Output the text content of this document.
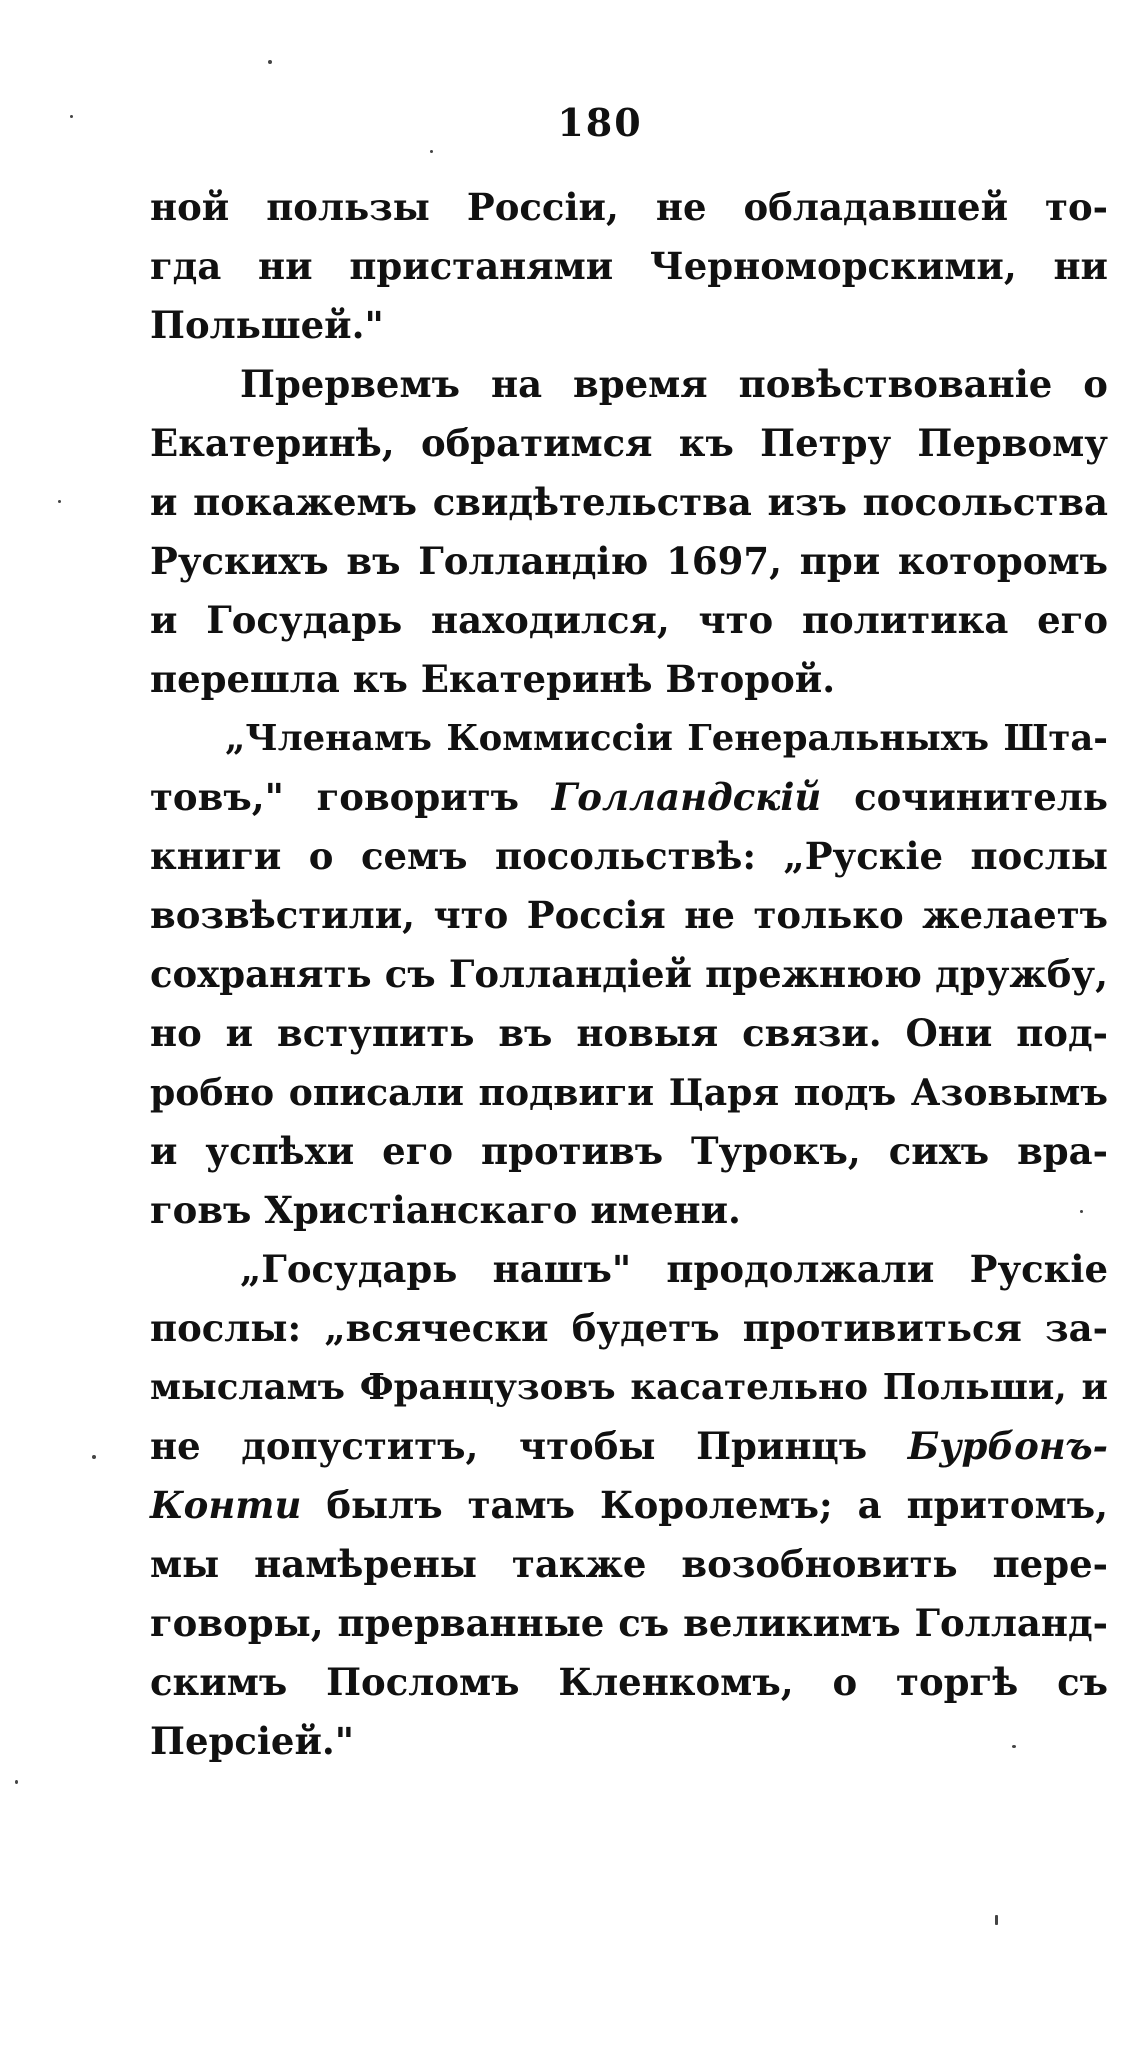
180
ной пользы Россіи, не обладавшей тo-
гда ни пристанями Черноморскими, ни
Польшей."
Прервемъ на время повѣствованіе о
Екатеринѣ, обратимся къ Петру Первому
и покажемъ свидѣтельства изъ посольства
Рускихъ въ Голландію 1697, при которомъ
и Государь находился, что политика его
перешла къ Екатеринѣ Второй.
„Членамъ Коммиссіи Генеральныхъ Шта-
товъ," говоритъ Голландскій сочинитель
книги о семъ посольствѣ: „Рускіе послы
возвѣстили, что Россія не только желаетъ
сохранять съ Голландіей прежнюю дружбу,
но и вступить въ новыя связи. Они под-
робно описали подвиги Царя подъ Азовымъ
и успѣхи его противъ Турокъ, сихъ вра-
говъ Христіанскаго имени.
„Государь нашъ" продолжали Рускіе
послы: „всячески будетъ противиться за-
мысламъ Французовъ касательно Польши, и
не допуститъ, чтобы Принцъ Бурбонъ-
Конти былъ тамъ Королемъ; а притомъ,
мы намѣрены также возобновить пере-
говоры, прерванные съ великимъ Голланд-
скимъ Посломъ Кленкомъ, о торгѣ съ
Персіей."
